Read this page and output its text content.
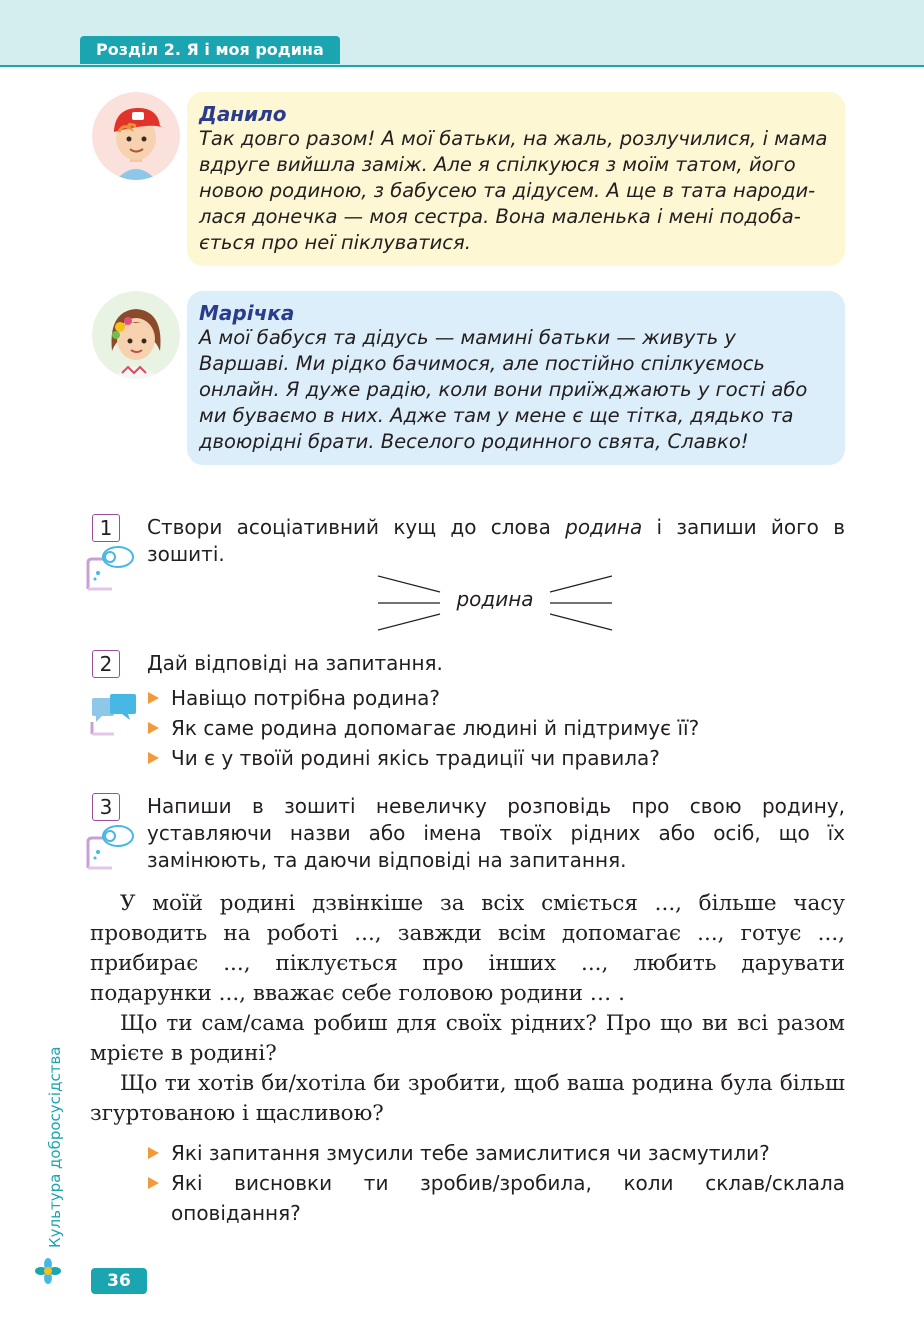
Розділ 2. Я і моя родина
Данило
Так довго разом! А мої батьки, на жаль, розлучилися, і мама
вдруге вийшла заміж. Але я спілкуюся з моїм татом, його
новою родиною, з бабусею та дідусем. А ще в тата народи-
лася донечка — моя сестра. Вона маленька і мені подоба-
ється про неї піклуватися.
Марічка
А мої бабуся та дідусь — мамині батьки — живуть у
Варшаві. Ми рідко бачимося, але постійно спілкуємось
онлайн. Я дуже радію, коли вони приїжджають у гості або
ми буваємо в них. Адже там у мене є ще тітка, дядько та
двоюрідні брати. Веселого родинного свята, Славко!
1	Створи асоціативний кущ до слова родина і запиши його в зошиті.
родина
2	Дай відповіді на запитання.
Навіщо потрібна родина?
Як саме родина допомагає людині й підтримує її?
Чи є у твоїй родині якісь традиції чи правила?
3	Напиши в зошиті невеличку розповідь про свою родину, уставляючи назви або імена твоїх рідних або осіб, що їх замінюють, та даючи відповіді на запитання.

У моїй родині дзвінкіше за всіх сміється ..., більше часу проводить на роботі ..., завжди всім допомагає ..., готує ..., прибирає ..., піклується про інших ..., любить дарувати подарунки ..., вважає себе головою родини … .

Що ти сам/сама робиш для своїх рідних? Про що ви всі разом мрієте в родині?

Що ти хотів би/хотіла би зробити, щоб ваша родина була більш згуртованою і щасливою?

Які запитання змусили тебе замислитися чи засмутили?
Які висновки ти зробив/зробила, коли склав/склала оповідання?
Культура добросусідства
36
